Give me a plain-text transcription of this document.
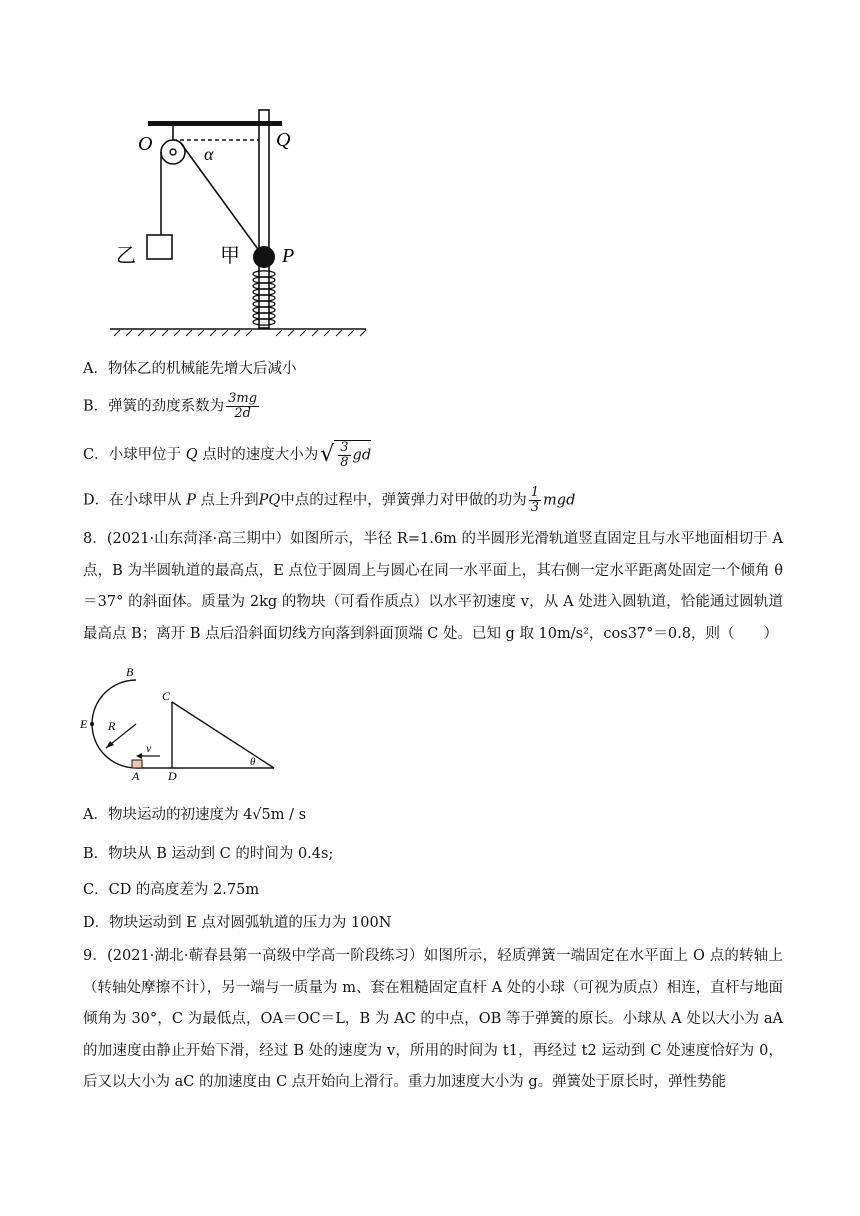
O	Q
α
乙	甲 P
A．物体乙的机械能先增大后减小
B．弹簧的劲度系数为 $\frac{3mg}{2d}$
C．小球甲位于 Q 点时的速度大小为√ $\frac{3}{8}$ gd
D．在小球甲从 P 点上升到PQ中点的过程中，弹簧弹力对甲做的功为 $\frac{1}{3}$ mgd
8．(2021·山东菏泽·高三期中）如图所示，半径 R=1.6m 的半圆形光滑轨道竖直固定且与水平地面相切于 A 点，B 为半圆轨道的最高点，E 点位于圆周上与圆心在同一水平面上，其右侧一定水平距离处固定一个倾角 θ＝37° 的斜面体。质量为 2kg 的物块（可看作质点）以水平初速度 v，从 A 处进入圆轨道，恰能通过圆轨道最高点 B；离开 B 点后沿斜面切线方向落到斜面顶端 C 处。已知 g 取 10m/s²，cos37°＝0.8，则（　　）
B
E R
v
A
C
D
θ
A．物块运动的初速度为 4√5m / s
B．物块从 B 运动到 C 的时间为 0.4s;
C．CD 的高度差为 2.75m
D．物块运动到 E 点对圆弧轨道的压力为 100N
9．(2021·湖北·蕲春县第一高级中学高一阶段练习）如图所示，轻质弹簧一端固定在水平面上 O 点的转轴上（转轴处摩擦不计），另一端与一质量为 m、套在粗糙固定直杆 A 处的小球（可视为质点）相连，直杆与地面倾角为 30°，C 为最低点，OA＝OC＝L，B 为 AC 的中点，OB 等于弹簧的原长。小球从 A 处以大小为 aA 的加速度由静止开始下滑，经过 B 处的速度为 v，所用的时间为 t1，再经过 t2 运动到 C 处速度恰好为 0，后又以大小为 aC 的加速度由 C 点开始向上滑行。重力加速度大小为 g。弹簧处于原长时，弹性势能
